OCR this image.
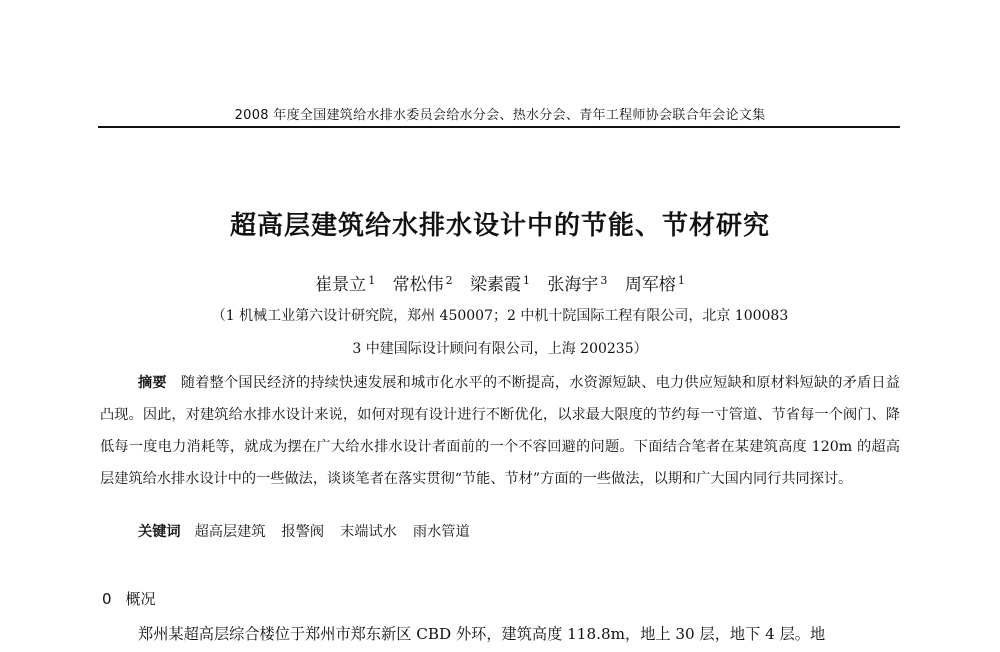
2008 年度全国建筑给水排水委员会给水分会、热水分会、青年工程师协会联合年会论文集
超高层建筑给水排水设计中的节能、节材研究
崔景立 $^1$ 常松伟 $^2$ 梁素霞 $^1$ 张海宇 $^3$ 周军榕 $^1$
（1 机械工业第六设计研究院，郑州 450007；2 中机十院国际工程有限公司，北京 100083
3 中建国际设计顾问有限公司，上海 200235）
摘要 随着整个国民经济的持续快速发展和城市化水平的不断提高，水资源短缺、电力供应短缺和原材料短缺的矛盾日益凸现。因此，对建筑给水排水设计来说，如何对现有设计进行不断优化，以求最大限度的节约每一寸管道、节省每一个阀门、降低每一度电力消耗等，就成为摆在广大给水排水设计者面前的一个不容回避的问题。下面结合笔者在某建筑高度 120m 的超高层建筑给水排水设计中的一些做法，谈谈笔者在落实贯彻“节能、节材”方面的一些做法，以期和广大国内同行共同探讨。
关键词 超高层建筑 报警阀 末端试水 雨水管道
0 概况
郑州某超高层综合楼位于郑州市郑东新区 CBD 外环，建筑高度 118.8m，地上 30 层，地下 4 层。地
